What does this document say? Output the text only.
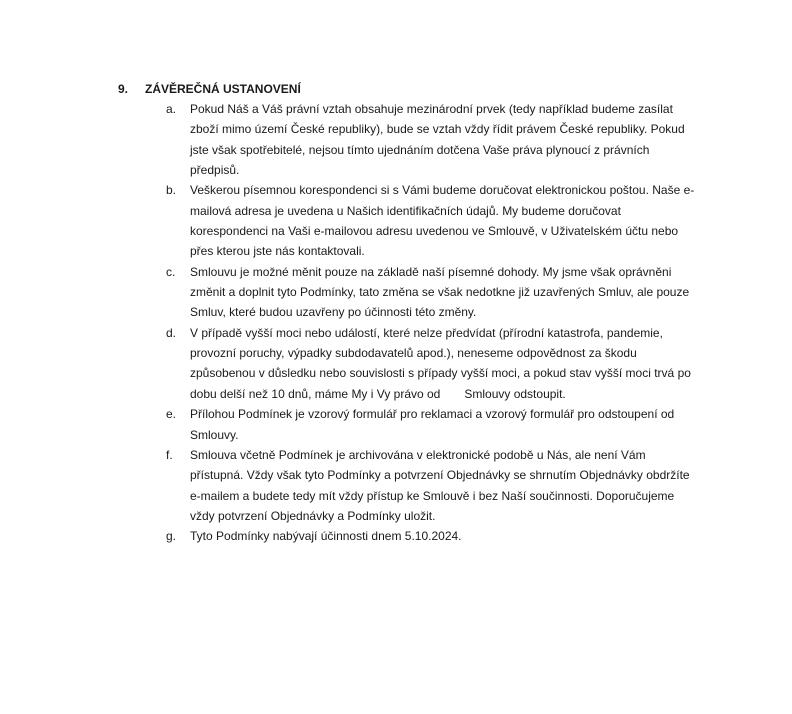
9.	ZÁVĚREČNÁ USTANOVENÍ
a.	Pokud Náš a Váš právní vztah obsahuje mezinárodní prvek (tedy například budeme zasílat zboží mimo území České republiky), bude se vztah vždy řídit právem České republiky. Pokud jste však spotřebitelé, nejsou tímto ujednáním dotčena Vaše práva plynoucí z právních předpisů.
b.	Veškerou písemnou korespondenci si s Vámi budeme doručovat elektronickou poštou. Naše e-mailová adresa je uvedena u Našich identifikačních údajů. My budeme doručovat korespondenci na Vaši e-mailovou adresu uvedenou ve Smlouvě, v Uživatelském účtu nebo přes kterou jste nás kontaktovali.
c.	Smlouvu je možné měnit pouze na základě naší písemné dohody. My jsme však oprávněni změnit a doplnit tyto Podmínky, tato změna se však nedotkne již uzavřených Smluv, ale pouze Smluv, které budou uzavřeny po účinnosti této změny.
d.	V případě vyšší moci nebo událostí, které nelze předvídat (přírodní katastrofa, pandemie, provozní poruchy, výpadky subdodavatelů apod.), neneseme odpovědnost za škodu způsobenou v důsledku nebo souvislosti s případy vyšší moci, a pokud stav vyšší moci trvá po dobu delší než 10 dnů, máme My i Vy právo od Smlouvy odstoupit.
e.	Přílohou Podmínek je vzorový formulář pro reklamaci a vzorový formulář pro odstoupení od Smlouvy.
f.	Smlouva včetně Podmínek je archivována v elektronické podobě u Nás, ale není Vám přístupná. Vždy však tyto Podmínky a potvrzení Objednávky se shrnutím Objednávky obdržíte e-mailem a budete tedy mít vždy přístup ke Smlouvě i bez Naší součinnosti. Doporučujeme vždy potvrzení Objednávky a Podmínky uložit.
g.	Tyto Podmínky nabývají účinnosti dnem 5.10.2024.
